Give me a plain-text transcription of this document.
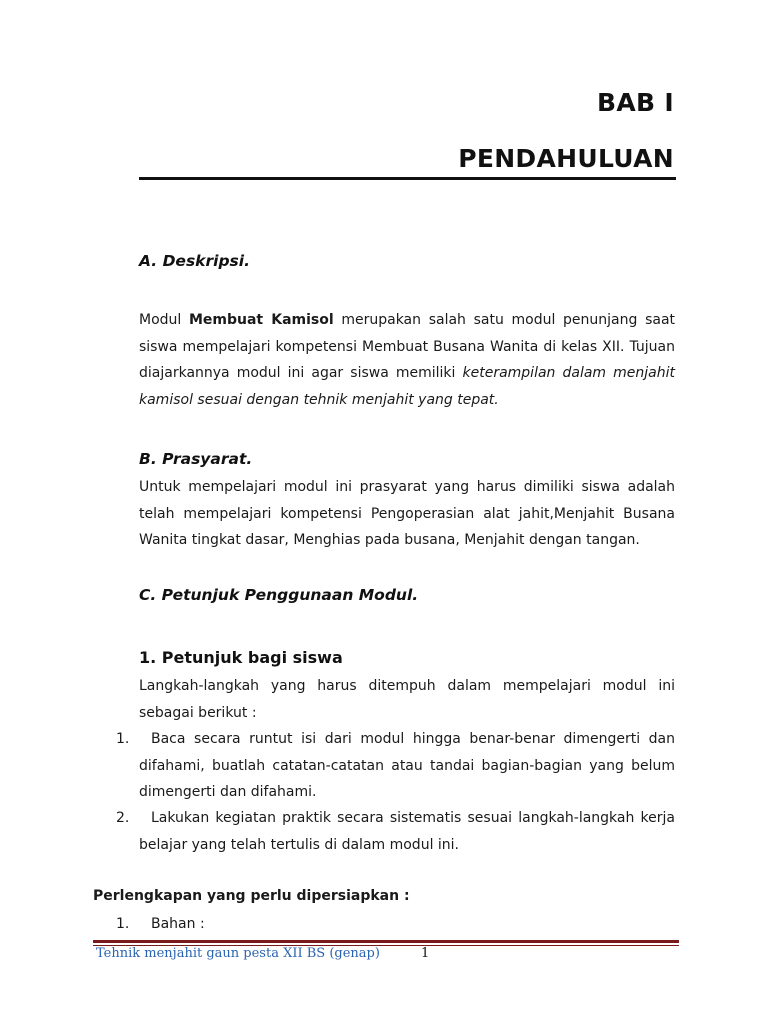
BAB I
PENDAHULUAN
A. Deskripsi.
Modul Membuat Kamisol merupakan salah satu modul penunjang saat siswa mempelajari kompetensi Membuat Busana Wanita di kelas XII. Tujuan diajarkannya modul ini agar siswa memiliki keterampilan dalam menjahit kamisol sesuai dengan tehnik menjahit yang tepat.
B. Prasyarat.
Untuk mempelajari modul ini prasyarat yang harus dimiliki siswa adalah telah mempelajari kompetensi Pengoperasian alat jahit,Menjahit Busana Wanita tingkat dasar, Menghias pada busana, Menjahit dengan tangan.
C. Petunjuk Penggunaan Modul.
1. Petunjuk bagi siswa
Langkah-langkah yang harus ditempuh dalam mempelajari modul ini sebagai berikut :
1.	Baca secara runtut isi dari modul hingga benar-benar dimengerti dan difahami, buatlah catatan-catatan atau tandai bagian-bagian yang belum dimengerti dan difahami.
2.	Lakukan kegiatan praktik secara sistematis sesuai langkah-langkah kerja belajar yang telah tertulis di dalam modul ini.
Perlengkapan yang perlu dipersiapkan :
1. Bahan :
Tehnik menjahit gaun pesta XII BS (genap)	1
